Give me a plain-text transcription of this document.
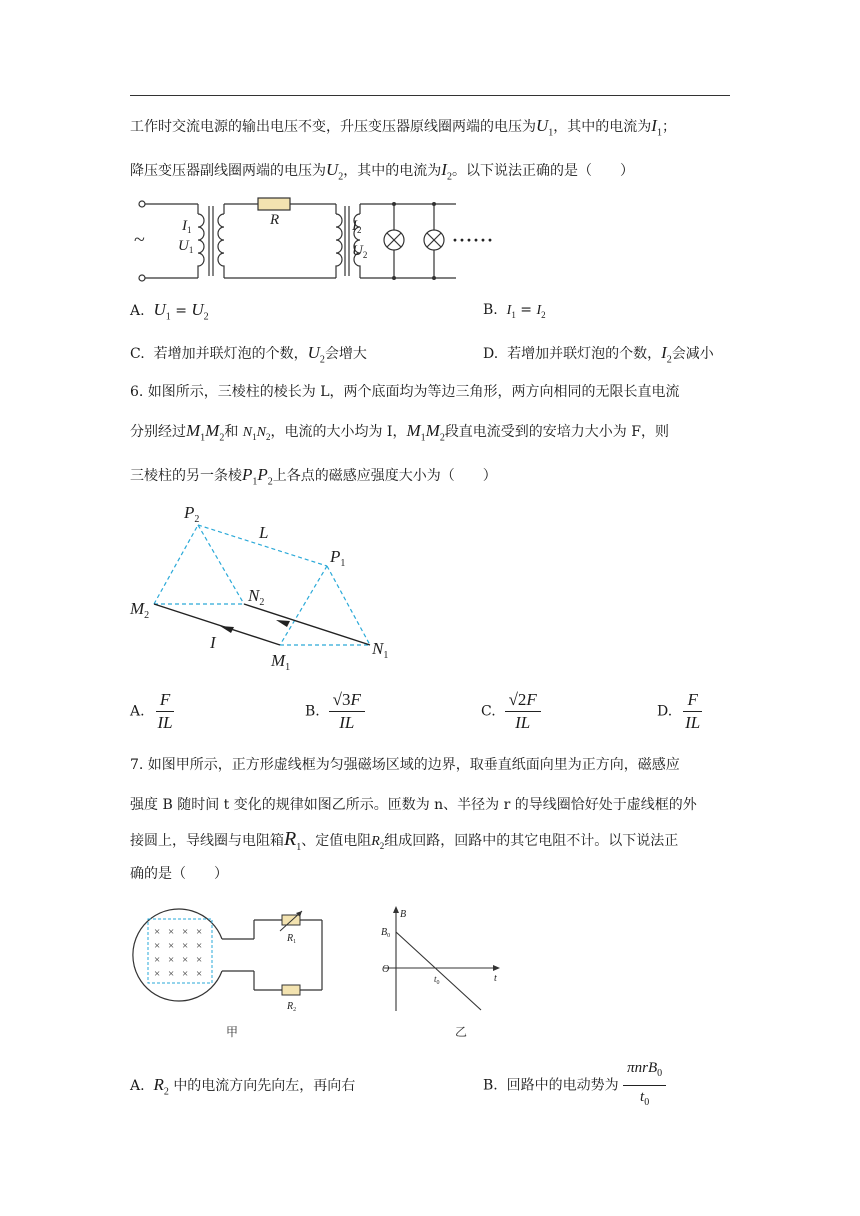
工作时交流电源的输出电压不变，升压变压器原线圈两端的电压为$U_1$，其中的电流为$I_1$；
降压变压器副线圈两端的电压为$U_2$，其中的电流为$I_2$。以下说法正确的是（　　）
~
$I_1$
$U_1$
R	$I_2$
$U_2$
······
A. $U_1 = U_2$	B. $I_1 = I_2$
C. 若增加并联灯泡的个数，$U_2$会增大	D. 若增加并联灯泡的个数，$I_2$会减小
6. 如图所示，三棱柱的棱长为 L，两个底面均为等边三角形，两方向相同的无限长直电流
分别经过$M_1M_2$和 $N_1N_2$，电流的大小均为 I，$M_1M_2$段直电流受到的安培力大小为 F，则
三棱柱的另一条棱$P_1P_2$上各点的磁感应强度大小为（　　）
$P_2$
L
$P_1$
$M_2$
$N_2$
I	$N_1$
$M_1$
A. $\frac{F}{IL}$	B. $\frac{√3F}{IL}$	C. $\frac{√2F}{IL}$	D. $\frac{F}{IL}$
7. 如图甲所示，正方形虚线框为匀强磁场区域的边界，取垂直纸面向里为正方向，磁感应
强度 B 随时间 t 变化的规律如图乙所示。匝数为 n、半径为 r 的导线圈恰好处于虚线框的外
接圆上，导线圈与电阻箱$R_1$、定值电阻$R_2$组成回路，回路中的其它电阻不计。以下说法正
确的是（　　）
$R_1$
$R_2$
× × × ×
× × × ×
× × × ×
× × × ×
甲
B
$B_0$
O
$t_0$	t
乙
A. $R_2$ 中的电流方向先向左，再向右	B. 回路中的电动势为 $\frac{\pi nrB_0}{t_0}$
